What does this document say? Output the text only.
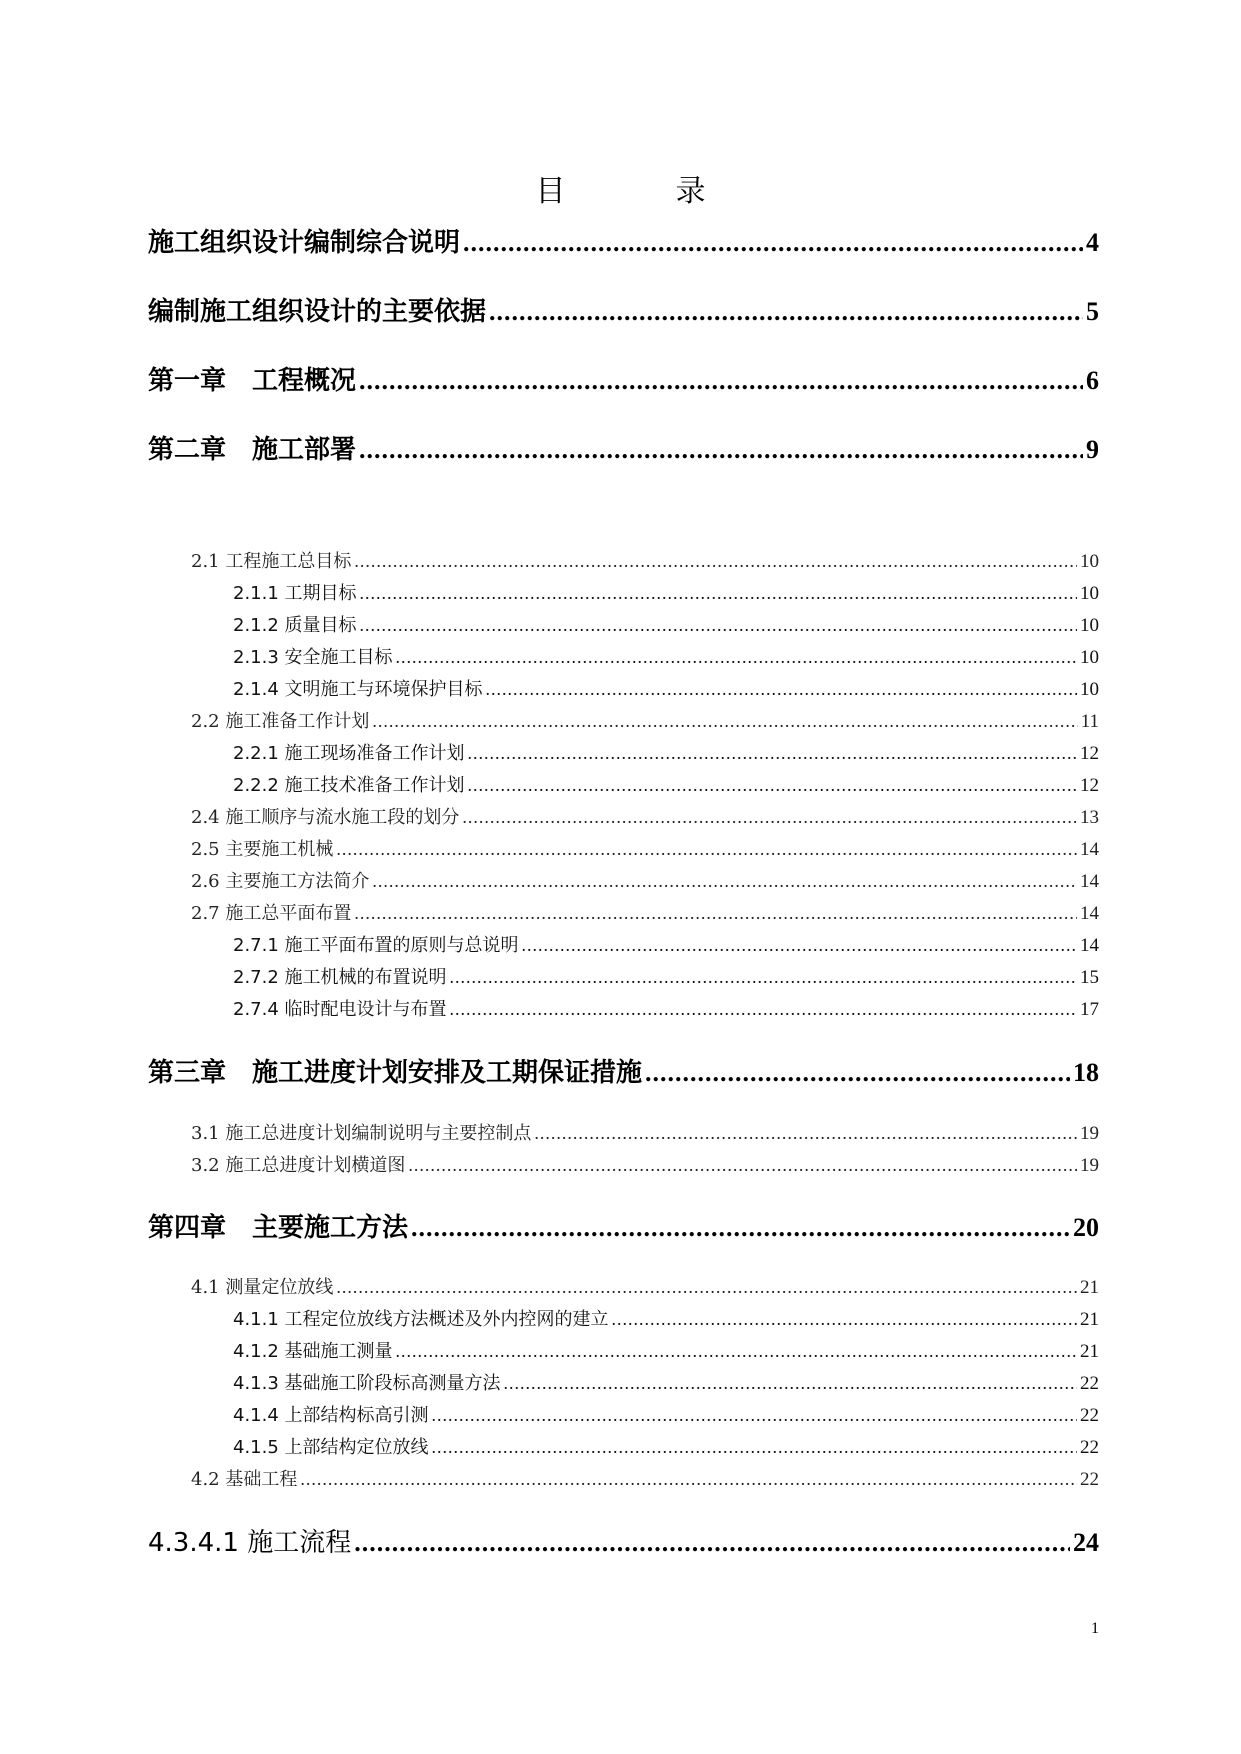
目　录
施工组织设计编制综合说明 .....	4
编制施工组织设计的主要依据 .....	5
第一章　工程概况 .....	6
第二章　施工部署 .....	9
2.1 工程施工总目标 .....	10
2.1.1 工期目标 .....	10
2.1.2 质量目标 .....	10
2.1.3 安全施工目标 .....	10
2.1.4 文明施工与环境保护目标 .....	10
2.2 施工准备工作计划 .....	11
2.2.1 施工现场准备工作计划 .....	12
2.2.2 施工技术准备工作计划 .....	12
2.4 施工顺序与流水施工段的划分 .....	13
2.5 主要施工机械 .....	14
2.6 主要施工方法简介 .....	14
2.7 施工总平面布置 .....	14
2.7.1 施工平面布置的原则与总说明 .....	14
2.7.2 施工机械的布置说明 .....	15
2.7.4 临时配电设计与布置 .....	17
第三章　施工进度计划安排及工期保证措施 .....	18
3.1 施工总进度计划编制说明与主要控制点 .....	19
3.2 施工总进度计划横道图 .....	19
第四章　主要施工方法 .....	20
4.1 测量定位放线 .....	21
4.1.1 工程定位放线方法概述及外内控网的建立 .....	21
4.1.2 基础施工测量 .....	21
4.1.3 基础施工阶段标高测量方法 .....	22
4.1.4 上部结构标高引测 .....	22
4.1.5 上部结构定位放线 .....	22
4.2 基础工程 .....	22
4.3.4.1 施工流程 .....	24
1
